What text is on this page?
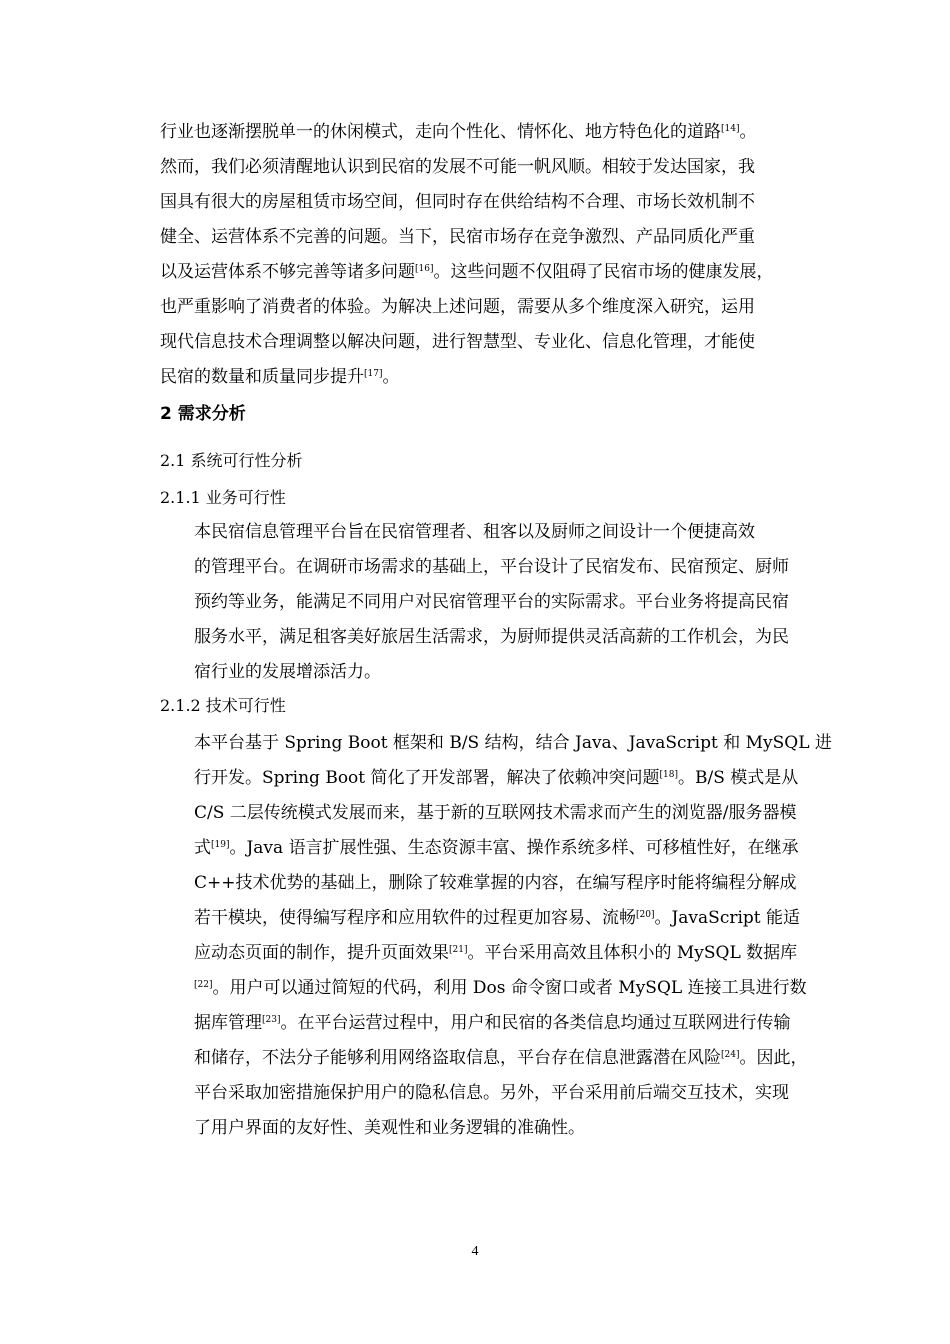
行业也逐渐摆脱单一的休闲模式，走向个性化、情怀化、地方特色化的道路[14]。
然而，我们必须清醒地认识到民宿的发展不可能一帆风顺。相较于发达国家，我
国具有很大的房屋租赁市场空间，但同时存在供给结构不合理、市场长效机制不
健全、运营体系不完善的问题。当下，民宿市场存在竞争激烈、产品同质化严重
以及运营体系不够完善等诸多问题[16]。这些问题不仅阻碍了民宿市场的健康发展，
也严重影响了消费者的体验。为解决上述问题，需要从多个维度深入研究，运用
现代信息技术合理调整以解决问题，进行智慧型、专业化、信息化管理，才能使
民宿的数量和质量同步提升[17]。
2 需求分析
2.1 系统可行性分析
2.1.1 业务可行性
本民宿信息管理平台旨在民宿管理者、租客以及厨师之间设计一个便捷高效
的管理平台。在调研市场需求的基础上，平台设计了民宿发布、民宿预定、厨师
预约等业务，能满足不同用户对民宿管理平台的实际需求。平台业务将提高民宿
服务水平，满足租客美好旅居生活需求，为厨师提供灵活高薪的工作机会，为民
宿行业的发展增添活力。
2.1.2 技术可行性
本平台基于 Spring Boot 框架和 B/S 结构，结合 Java、JavaScript 和 MySQL 进
行开发。Spring Boot 简化了开发部署，解决了依赖冲突问题[18]。B/S 模式是从
C/S 二层传统模式发展而来，基于新的互联网技术需求而产生的浏览器/服务器模
式[19]。Java 语言扩展性强、生态资源丰富、操作系统多样、可移植性好，在继承
C++技术优势的基础上，删除了较难掌握的内容，在编写程序时能将编程分解成
若干模块，使得编写程序和应用软件的过程更加容易、流畅[20]。JavaScript 能适
应动态页面的制作，提升页面效果[21]。平台采用高效且体积小的 MySQL 数据库
[22]。用户可以通过简短的代码，利用 Dos 命令窗口或者 MySQL 连接工具进行数
据库管理[23]。在平台运营过程中，用户和民宿的各类信息均通过互联网进行传输
和储存，不法分子能够利用网络盗取信息，平台存在信息泄露潜在风险[24]。因此，
平台采取加密措施保护用户的隐私信息。另外，平台采用前后端交互技术，实现
了用户界面的友好性、美观性和业务逻辑的准确性。
4
